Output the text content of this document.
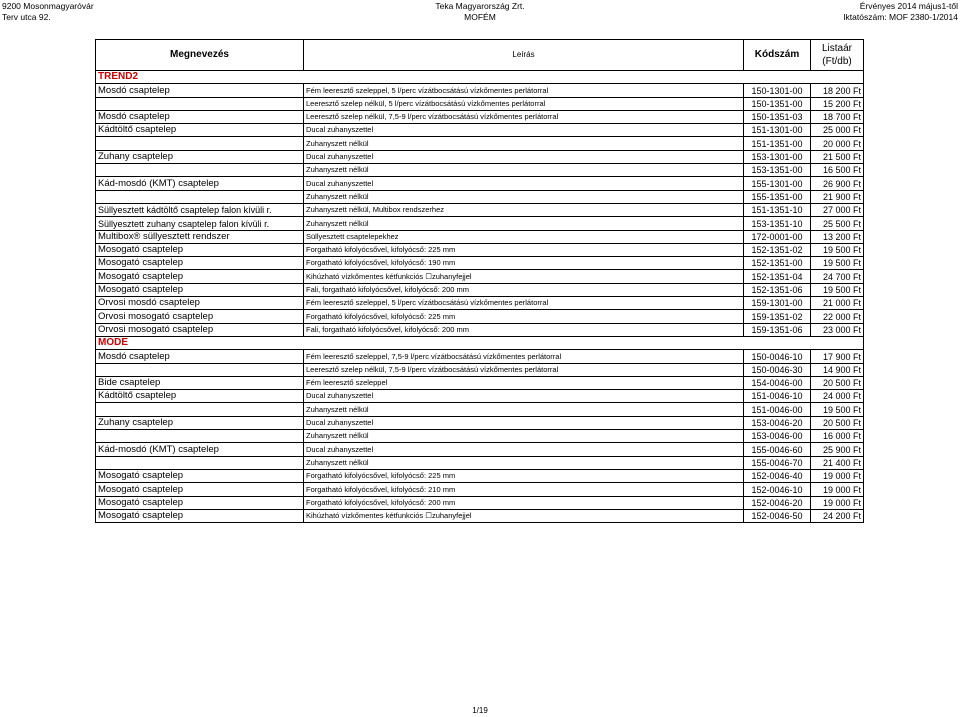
9200 Mosonmagyaróvár
Terv utca 92.
Teka Magyarország Zrt.
MOFÉM
Érvényes 2014 május1-től
Iktatószám: MOF 2380-1/2014
Megnevezés	Leírás	Kódszám	Listaár
(Ft/db)
TREND2			
Mosdó csaptelep	Fém leeresztő szeleppel, 5 l/perc vízátbocsátású vízkőmentes perlátorral	150-1301-00	18 200 Ft
	Leeresztő szelep nélkül, 5 l/perc vízátbocsátású vízkőmentes perlátorral	150-1351-00	15 200 Ft
Mosdó csaptelep	Leeresztő szelep nélkül, 7,5-9 l/perc vízátbocsátású vízkőmentes perlátorral	150-1351-03	18 700 Ft
Kádtöltő csaptelep	Ducal zuhanyszettel	151-1301-00	25 000 Ft
	Zuhanyszett nélkül	151-1351-00	20 000 Ft
Zuhany csaptelep	Ducal zuhanyszettel	153-1301-00	21 500 Ft
	Zuhanyszett nélkül	153-1351-00	16 500 Ft
Kád-mosdó (KMT) csaptelep	Ducal zuhanyszettel	155-1301-00	26 900 Ft
	Zuhanyszett nélkül	155-1351-00	21 900 Ft
Süllyesztett kádtöltő csaptelep falon kívüli r.	Zuhanyszett nélkül, Multibox rendszerhez	151-1351-10	27 000 Ft
Süllyesztett zuhany csaptelep falon kívüli r.	Zuhanyszett nélkül	153-1351-10	25 500 Ft
Multibox® süllyesztett rendszer	Süllyesztett csaptelepekhez	172-0001-00	13 200 Ft
Mosogató csaptelep	Forgatható kifolyócsővel, kifolyócső: 225 mm	152-1351-02	19 500 Ft
Mosogató csaptelep	Forgatható kifolyócsővel, kifolyócső: 190 mm	152-1351-00	19 500 Ft
Mosogató csaptelep	Kihúzható vízkőmentes kétfunkciós ☐zuhanyfejjel	152-1351-04	24 700 Ft
Mosogató csaptelep	Fali, forgatható kifolyócsővel, kifolyócső: 200 mm	152-1351-06	19 500 Ft
Orvosi mosdó csaptelep	Fém leeresztő szeleppel, 5 l/perc vízátbocsátású vízkőmentes perlátorral	159-1301-00	21 000 Ft
Orvosi mosogató csaptelep	Forgatható kifolyócsővel, kifolyócső: 225 mm	159-1351-02	22 000 Ft
Orvosi mosogató csaptelep	Fali, forgatható kifolyócsővel, kifolyócső: 200 mm	159-1351-06	23 000 Ft
MODE			
Mosdó csaptelep	Fém leeresztő szeleppel, 7,5-9 l/perc vízátbocsátású vízkőmentes perlátorral	150-0046-10	17 900 Ft
	Leeresztő szelep nélkül, 7,5-9 l/perc vízátbocsátású vízkőmentes perlátorral	150-0046-30	14 900 Ft
Bide csaptelep	Fém leeresztő szeleppel	154-0046-00	20 500 Ft
Kádtöltő csaptelep	Ducal zuhanyszettel	151-0046-10	24 000 Ft
	Zuhanyszett nélkül	151-0046-00	19 500 Ft
Zuhany csaptelep	Ducal zuhanyszettel	153-0046-20	20 500 Ft
	Zuhanyszett nélkül	153-0046-00	16 000 Ft
Kád-mosdó (KMT) csaptelep	Ducal zuhanyszettel	155-0046-60	25 900 Ft
	Zuhanyszett nélkül	155-0046-70	21 400 Ft
Mosogató csaptelep	Forgatható kifolyócsővel, kifolyócső: 225 mm	152-0046-40	19 000 Ft
Mosogató csaptelep	Forgatható kifolyócsővel, kifolyócső: 210 mm	152-0046-10	19 000 Ft
Mosogató csaptelep	Forgatható kifolyócsővel, kifolyócső: 200 mm	152-0046-20	19 000 Ft
Mosogató csaptelep	Kihúzható vízkőmentes kétfunkciós ☐zuhanyfejjel	152-0046-50	24 200 Ft
1/19
